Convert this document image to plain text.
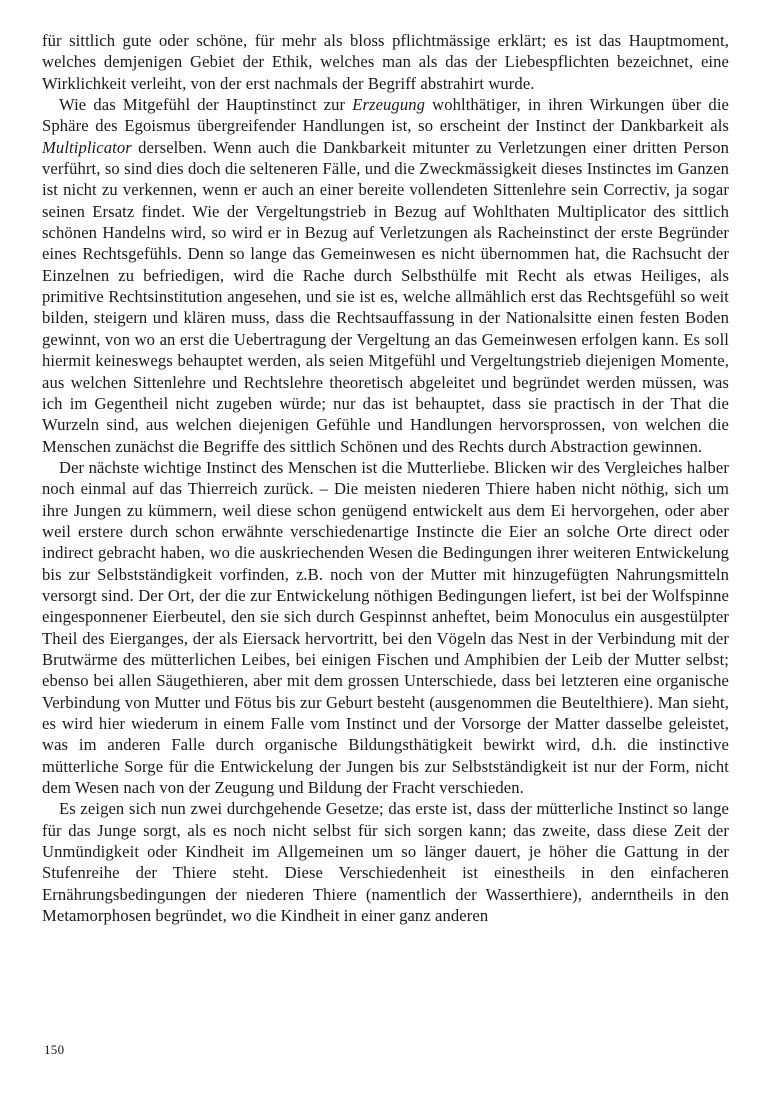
für sittlich gute oder schöne, für mehr als bloss pflichtmässige erklärt; es ist das Hauptmoment, welches demjenigen Gebiet der Ethik, welches man als das der Liebespflichten bezeichnet, eine Wirklichkeit verleiht, von der erst nachmals der Begriff abstrahirt wurde.

Wie das Mitgefühl der Hauptinstinct zur Erzeugung wohlthätiger, in ihren Wirkungen über die Sphäre des Egoismus übergreifender Handlungen ist, so erscheint der Instinct der Dankbarkeit als Multiplicator derselben. Wenn auch die Dankbarkeit mitunter zu Verletzungen einer dritten Person verführt, so sind dies doch die selteneren Fälle, und die Zweckmässigkeit dieses Instinctes im Ganzen ist nicht zu verkennen, wenn er auch an einer bereite vollendeten Sittenlehre sein Correctiv, ja sogar seinen Ersatz findet. Wie der Vergeltungstrieb in Bezug auf Wohlthaten Multiplicator des sittlich schönen Handelns wird, so wird er in Bezug auf Verletzungen als Racheinstinct der erste Begründer eines Rechtsgefühls. Denn so lange das Gemeinwesen es nicht übernommen hat, die Rachsucht der Einzelnen zu befriedigen, wird die Rache durch Selbsthülfe mit Recht als etwas Heiliges, als primitive Rechtsinstitution angesehen, und sie ist es, welche allmählich erst das Rechtsgefühl so weit bilden, steigern und klären muss, dass die Rechtsauffassung in der Nationalsitte einen festen Boden gewinnt, von wo an erst die Uebertragung der Vergeltung an das Gemeinwesen erfolgen kann. Es soll hiermit keineswegs behauptet werden, als seien Mitgefühl und Vergeltungstrieb diejenigen Momente, aus welchen Sittenlehre und Rechtslehre theoretisch abgeleitet und begründet werden müssen, was ich im Gegentheil nicht zugeben würde; nur das ist behauptet, dass sie practisch in der That die Wurzeln sind, aus welchen diejenigen Gefühle und Handlungen hervorsprossen, von welchen die Menschen zunächst die Begriffe des sittlich Schönen und des Rechts durch Abstraction gewinnen.

Der nächste wichtige Instinct des Menschen ist die Mutterliebe. Blicken wir des Vergleiches halber noch einmal auf das Thierreich zurück. – Die meisten niederen Thiere haben nicht nöthig, sich um ihre Jungen zu kümmern, weil diese schon genügend entwickelt aus dem Ei hervorgehen, oder aber weil erstere durch schon erwähnte verschiedenartige Instincte die Eier an solche Orte direct oder indirect gebracht haben, wo die auskriechenden Wesen die Bedingungen ihrer weiteren Entwickelung bis zur Selbstständigkeit vorfinden, z.B. noch von der Mutter mit hinzugefügten Nahrungsmitteln versorgt sind. Der Ort, der die zur Entwickelung nöthigen Bedingungen liefert, ist bei der Wolfspinne eingesponnener Eierbeutel, den sie sich durch Gespinnst anheftet, beim Monoculus ein ausgestülpter Theil des Eierganges, der als Eiersack hervortritt, bei den Vögeln das Nest in der Verbindung mit der Brutwärme des mütterlichen Leibes, bei einigen Fischen und Amphibien der Leib der Mutter selbst; ebenso bei allen Säugethieren, aber mit dem grossen Unterschiede, dass bei letzteren eine organische Verbindung von Mutter und Fötus bis zur Geburt besteht (ausgenommen die Beutelthiere). Man sieht, es wird hier wiederum in einem Falle vom Instinct und der Vorsorge der Matter dasselbe geleistet, was im anderen Falle durch organische Bildungsthätigkeit bewirkt wird, d.h. die instinctive mütterliche Sorge für die Entwickelung der Jungen bis zur Selbstständigkeit ist nur der Form, nicht dem Wesen nach von der Zeugung und Bildung der Fracht verschieden.

Es zeigen sich nun zwei durchgehende Gesetze; das erste ist, dass der mütterliche Instinct so lange für das Junge sorgt, als es noch nicht selbst für sich sorgen kann; das zweite, dass diese Zeit der Unmündigkeit oder Kindheit im Allgemeinen um so länger dauert, je höher die Gattung in der Stufenreihe der Thiere steht. Diese Verschiedenheit ist einestheils in den einfacheren Ernährungsbedingungen der niederen Thiere (namentlich der Wasserthiere), anderntheils in den Metamorphosen begründet, wo die Kindheit in einer ganz anderen

150
